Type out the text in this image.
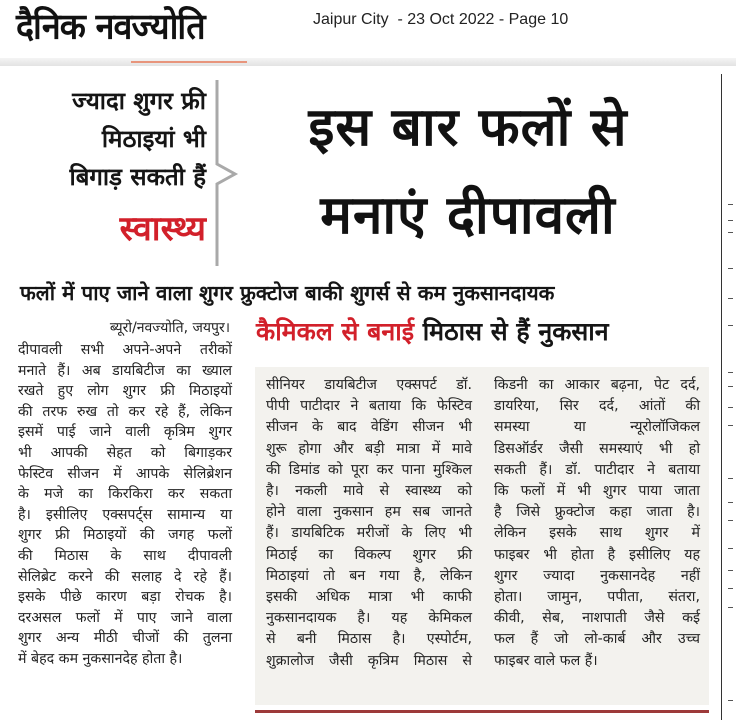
दैनिक नवज्योति	Jaipur City  - 23 Oct 2022 - Page 10
ज्यादा शुगर फ्री
मिठाइयां भी
बिगाड़ सकती हैं
स्वास्थ्य
इस बार फलों से
मनाएं दीपावली
फलों में पाए जाने वाला शुगर फ्रुक्टोज बाकी शुगर्स से कम नुकसानदायक
ब्यूरो/नवज्योति, जयपुर।

दीपावली सभी अपने-अपने तरीकों

मनाते हैं। अब डायबिटीज का ख्याल

रखते हुए लोग शुगर फ्री मिठाइयों

की तरफ रुख तो कर रहे हैं, लेकिन

इसमें पाई जाने वाली कृत्रिम शुगर

भी आपकी सेहत को बिगाड़कर

फेस्टिव सीजन में आपके सेलिब्रेशन

के मजे का किरकिरा कर सकता

है। इसीलिए एक्सपर्ट्स सामान्य या

शुगर फ्री मिठाइयों की जगह फलों

की मिठास के साथ दीपावली

सेलिब्रेट करने की सलाह दे रहे हैं।

इसके पीछे कारण बड़ा रोचक है।

दरअसल फलों में पाए जाने वाला

शुगर अन्य मीठी चीजों की तुलना

में बेहद कम नुकसानदेह होता है।

कैमिकल से बनाई मिठास से हैं नुकसान

सीनियर डायबिटीज एक्सपर्ट डॉ.

पीपी पाटीदार ने बताया कि फेस्टिव

सीजन के बाद वेडिंग सीजन भी

शुरू होगा और बड़ी मात्रा में मावे

की डिमांड को पूरा कर पाना मुश्किल

है। नकली मावे से स्वास्थ्य को

होने वाला नुकसान हम सब जानते

हैं। डायबिटिक मरीजों के लिए भी

मिठाई का विकल्प शुगर फ्री

मिठाइयां तो बन गया है, लेकिन

इसकी अधिक मात्रा भी काफी

नुकसानदायक है। यह केमिकल

से बनी मिठास है। एस्पोर्टम,

शुक्रालोज जैसी कृत्रिम मिठास से

किडनी का आकार बढ़ना, पेट दर्द,

डायरिया, सिर दर्द, आंतों की

समस्या या न्यूरोलॉजिकल

डिसऑर्डर जैसी समस्याएं भी हो

सकती हैं। डॉ. पाटीदार ने बताया

कि फलों में भी शुगर पाया जाता

है जिसे फ्रुक्टोज कहा जाता है।

लेकिन इसके साथ शुगर में

फाइबर भी होता है इसीलिए यह

शुगर ज्यादा नुकसानदेह नहीं

होता। जामुन, पपीता, संतरा,

कीवी, सेब, नाशपाती जैसे कई

फल हैं जो लो-कार्ब और उच्च

फाइबर वाले फल हैं।
